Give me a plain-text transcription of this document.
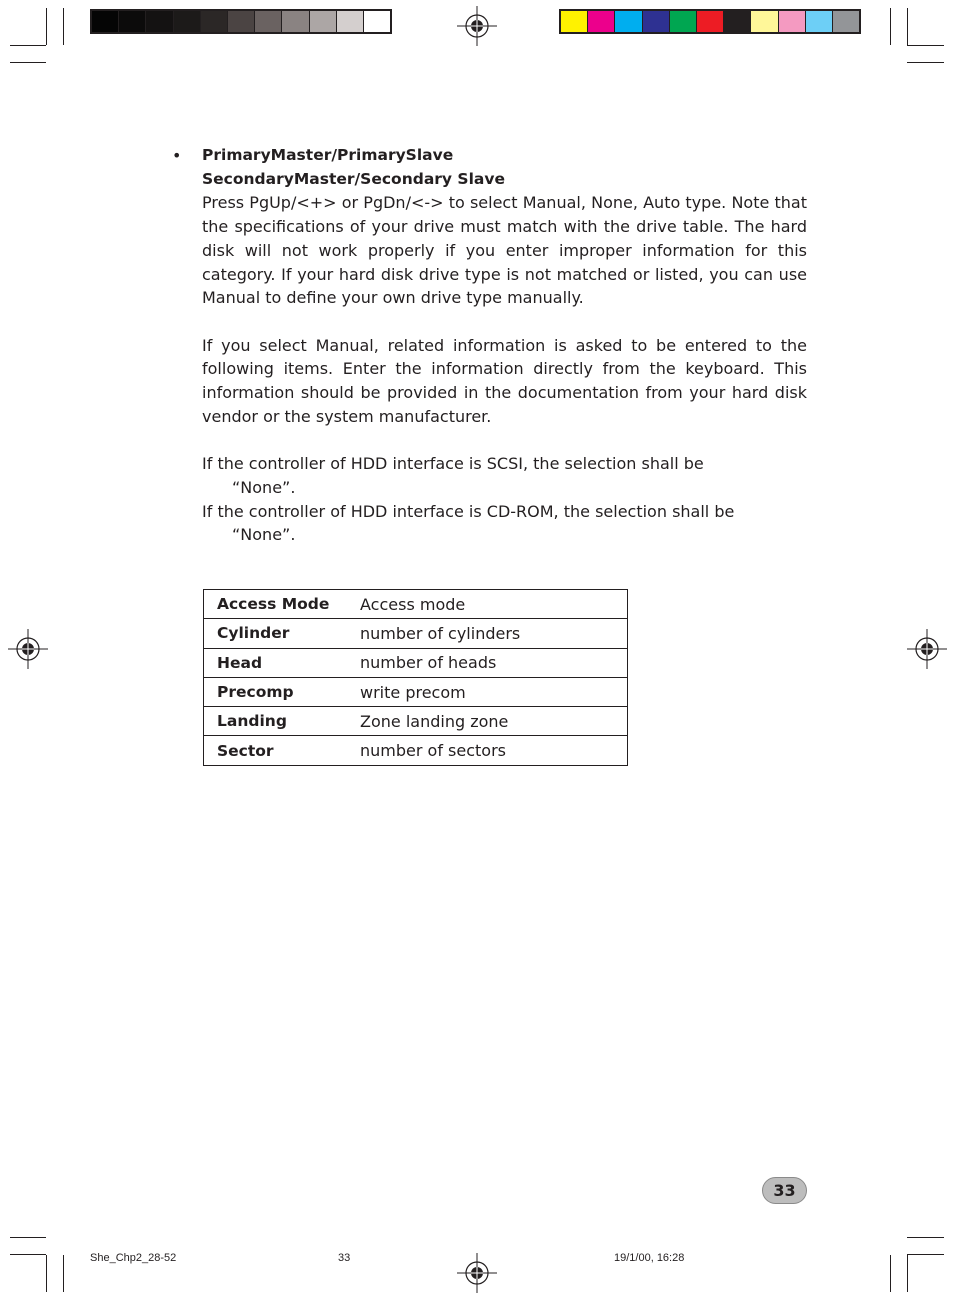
• PrimaryMaster/PrimarySlave
SecondaryMaster/Secondary Slave

Press PgUp/<+> or PgDn/<-> to select Manual, None, Auto type. Note that the specifications of your drive must match with the drive table. The hard disk will not work properly if you enter improper information for this category. If your hard disk drive type is not matched or listed, you can use Manual to define your own drive type manually.

If you select Manual, related information is asked to be entered to the following items. Enter the information directly from the keyboard. This information should be provided in the documentation from your hard disk vendor or the system manufacturer.

If the controller of HDD interface is SCSI, the selection shall be
“None”.
If the controller of HDD interface is CD-ROM, the selection shall be
“None”.
Access Mode	Access mode
Cylinder	number of cylinders
Head	number of heads
Precomp	write precom
Landing	Zone landing zone
Sector	number of sectors
33
She_Chp2_28-52	33	19/1/00, 16:28
